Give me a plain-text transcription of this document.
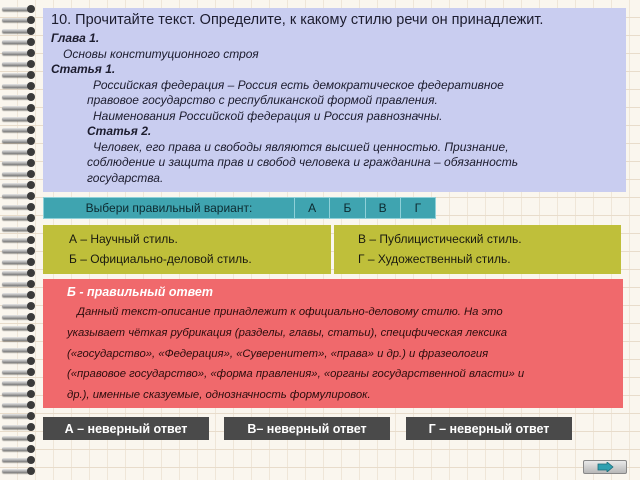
10. Прочитайте текст. Определите, к какому стилю речи он принадлежит.
Глава 1.
Основы конституционного строя
Статья 1.
Российская федерация – Россия есть демократическое федеративное
правовое государство с республиканской формой правления.
Наименования Российской федерация и Россия равнозначны.
Статья 2.
Человек, его права и свободы являются высшей ценностью. Признание,
соблюдение и защита прав и свобод человека и гражданина – обязанность
государства.
Выбери правильный вариант:	А	Б	В	Г
А – Научный стиль.
Б – Официально-деловой стиль.
В – Публицистический стиль.
Г – Художественный стиль.
Б - правильный ответ
Данный текст-описание принадлежит к официально-деловому стилю. На это
указывает чёткая рубрикация (разделы, главы, статьи), специфическая лексика
(«государство», «Федерация», «Суверенитет», «права» и др.) и фразеология
(«правовое государство», «форма правления», «органы государственной власти» и
др.), именные сказуемые, однозначность формулировок.
А – неверный ответ	В– неверный ответ	Г – неверный ответ
